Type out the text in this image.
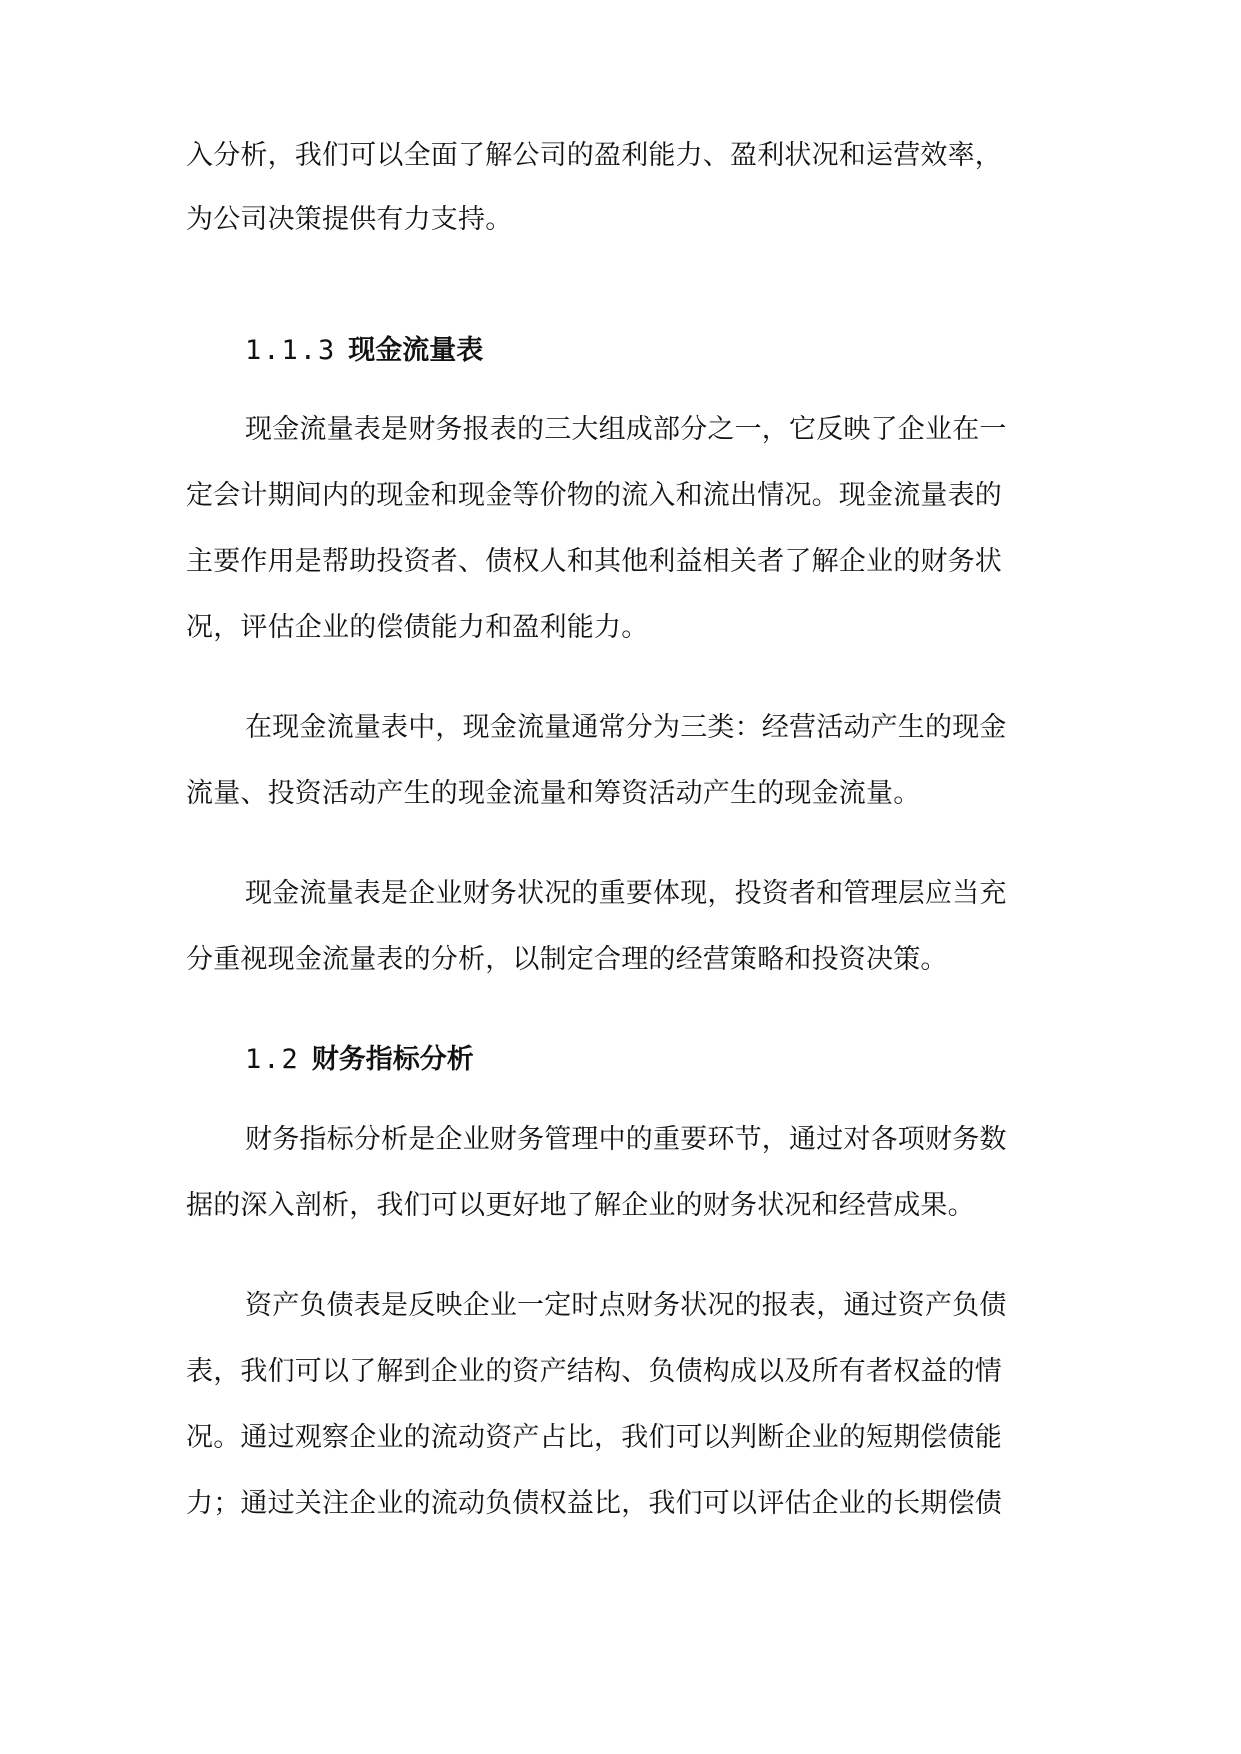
入分析，我们可以全面了解公司的盈利能力、盈利状况和运营效率，
为公司决策提供有力支持。
1.1.3 现金流量表
现金流量表是财务报表的三大组成部分之一，它反映了企业在一
定会计期间内的现金和现金等价物的流入和流出情况。现金流量表的
主要作用是帮助投资者、债权人和其他利益相关者了解企业的财务状
况，评估企业的偿债能力和盈利能力。
在现金流量表中，现金流量通常分为三类：经营活动产生的现金
流量、投资活动产生的现金流量和筹资活动产生的现金流量。
现金流量表是企业财务状况的重要体现，投资者和管理层应当充
分重视现金流量表的分析，以制定合理的经营策略和投资决策。
1.2 财务指标分析
财务指标分析是企业财务管理中的重要环节，通过对各项财务数
据的深入剖析，我们可以更好地了解企业的财务状况和经营成果。
资产负债表是反映企业一定时点财务状况的报表，通过资产负债
表，我们可以了解到企业的资产结构、负债构成以及所有者权益的情
况。通过观察企业的流动资产占比，我们可以判断企业的短期偿债能
力；通过关注企业的流动负债权益比，我们可以评估企业的长期偿债
